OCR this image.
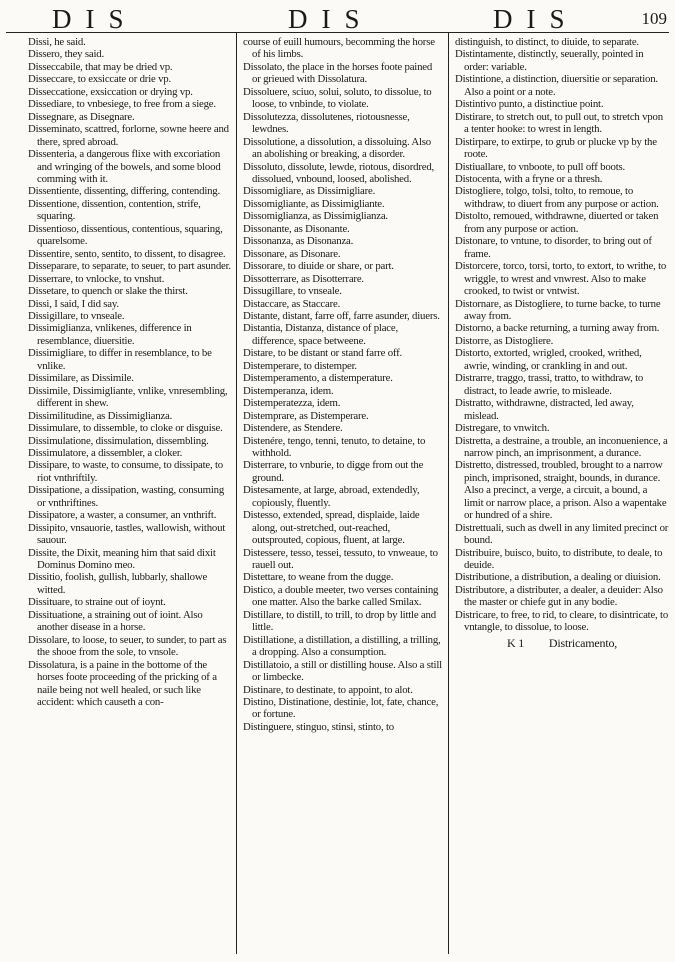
DIS	DIS	DIS	109

Dissi, he said.

Dissero, they said.

Disseccabile, that may be dried vp.

Disseccare, to exsiccate or drie vp.

Disseccatione, exsiccation or drying vp.

Dissediare, to vnbesiege, to free from a siege.

Dissegnare, as Disegnare.

Disseminato, scattred, forlorne, sowne heere and there, spred abroad.

Dissenteria, a dangerous flixe with excoriation and wringing of the bowels, and some blood comming with it.

Dissentiente, dissenting, differing, contending.

Dissentione, dissention, contention, strife, squaring.

Dissentioso, dissentious, contentious, squaring, quarelsome.

Dissentire, sento, sentito, to dissent, to disagree.

Disseparare, to separate, to seuer, to part asunder.

Disserrare, to vnlocke, to vnshut.

Dissetare, to quench or slake the thirst.

Dissi, I said, I did say.

Dissigillare, to vnseale.

Dissimiglianza, vnlikenes, difference in resemblance, diuersitie.

Dissimigliare, to differ in resemblance, to be vnlike.

Dissimilare, as Dissimile.

Dissimile, Dissimigliante, vnlike, vnresembling, different in shew.

Dissimilitudine, as Dissimiglianza.

Dissimulare, to dissemble, to cloke or disguise.

Dissimulatione, dissimulation, dissembling.

Dissimulatore, a dissembler, a cloker.

Dissipare, to waste, to consume, to dissipate, to riot vnthriftily.

Dissipatione, a dissipation, wasting, consuming or vnthriftines.

Dissipatore, a waster, a consumer, an vnthrift.

Dissipito, vnsauorie, tastles, wallowish, without sauour.

Dissite, the Dixit, meaning him that said dixit Dominus Domino meo.

Dissitio, foolish, gullish, lubbarly, shallowe witted.

Dissituare, to straine out of ioynt.

Dissituatione, a straining out of ioint. Also another disease in a horse.

Dissolare, to loose, to seuer, to sunder, to part as the shooe from the sole, to vnsole.

Dissolatura, is a paine in the bottome of the horses foote proceeding of the pricking of a naile being not well healed, or such like accident: which causeth a con-

course of euill humours, becomming the horse of his limbs.

Dissolato, the place in the horses foote pained or grieued with Dissolatura.

Dissoluere, sciuo, solui, soluto, to dissolue, to loose, to vnbinde, to violate.

Dissolutezza, dissolutenes, riotousnesse, lewdnes.

Dissolutione, a dissolution, a dissoluing. Also an abolishing or breaking, a disorder.

Dissoluto, dissolute, lewde, riotous, disordred, dissolued, vnbound, loosed, abolished.

Dissomigliare, as Dissimigliare.

Dissomigliante, as Dissimigliante.

Dissomiglianza, as Dissimiglianza.

Dissonante, as Disonante.

Dissonanza, as Disonanza.

Dissonare, as Disonare.

Dissorare, to diuide or share, or part.

Dissotterrare, as Disotterrare.

Dissugillare, to vnseale.

Distaccare, as Staccare.

Distante, distant, farre off, farre asunder, diuers.

Distantia, Distanza, distance of place, difference, space betweene.

Distare, to be distant or stand farre off.

Distemperare, to distemper.

Distemperamento, a distemperature.

Distemperanza, idem.

Distemperatezza, idem.

Distemprare, as Distemperare.

Distendere, as Stendere.

Distenére, tengo, tenni, tenuto, to detaine, to withhold.

Disterrare, to vnburie, to digge from out the ground.

Distesamente, at large, abroad, extendedly, copiously, fluently.

Distesso, extended, spread, displaide, laide along, out-stretched, out-reached, outsprouted, copious, fluent, at large.

Distessere, tesso, tessei, tessuto, to vnweaue, to rauell out.

Distettare, to weane from the dugge.

Distico, a double meeter, two verses containing one matter. Also the barke called Smilax.

Distillare, to distill, to trill, to drop by little and little.

Distillatione, a distillation, a distilling, a trilling, a dropping. Also a consumption.

Distillatoio, a still or distilling house. Also a still or limbecke.

Distinare, to destinate, to appoint, to alot.

Distino, Distinatione, destinie, lot, fate, chance, or fortune.

Distinguere, stinguo, stinsi, stinto, to

distinguish, to distinct, to diuide, to separate.

Distintamente, distinctly, seuerally, pointed in order: variable.

Distintione, a distinction, diuersitie or separation. Also a point or a note.

Distintivo punto, a distinctiue point.

Distirare, to stretch out, to pull out, to stretch vpon a tenter hooke: to wrest in length.

Distirpare, to extirpe, to grub or plucke vp by the roote.

Distiuallare, to vnboote, to pull off boots.

Distocenta, with a fryne or a thresh.

Distogliere, tolgo, tolsi, tolto, to remoue, to withdraw, to diuert from any purpose or action.

Distolto, remoued, withdrawne, diuerted or taken from any purpose or action.

Distonare, to vntune, to disorder, to bring out of frame.

Distorcere, torco, torsi, torto, to extort, to writhe, to wriggle, to wrest and vnwrest. Also to make crooked, to twist or vntwist.

Distornare, as Distogliere, to turne backe, to turne away from.

Distorno, a backe returning, a turning away from.

Distorre, as Distogliere.

Distorto, extorted, wrigled, crooked, writhed, awrie, winding, or crankling in and out.

Distrarre, traggo, trassi, tratto, to withdraw, to distract, to leade awrie, to misleade.

Distratto, withdrawne, distracted, led away, mislead.

Distregare, to vnwitch.

Distretta, a destraine, a trouble, an inconuenience, a narrow pinch, an imprisonment, a durance.

Distretto, distressed, troubled, brought to a narrow pinch, imprisoned, straight, bounds, in durance. Also a precinct, a verge, a circuit, a bound, a limit or narrow place, a prison. Also a wapentake or hundred of a shire.

Distrettuali, such as dwell in any limited precinct or bound.

Distribuire, buisco, buito, to distribute, to deale, to deuide.

Distributione, a distribution, a dealing or diuision.

Distributore, a distributer, a dealer, a deuider: Also the master or chiefe gut in any bodie.

Districare, to free, to rid, to cleare, to disintricate, to vntangle, to dissolue, to loose.

K 1 Districamento,
